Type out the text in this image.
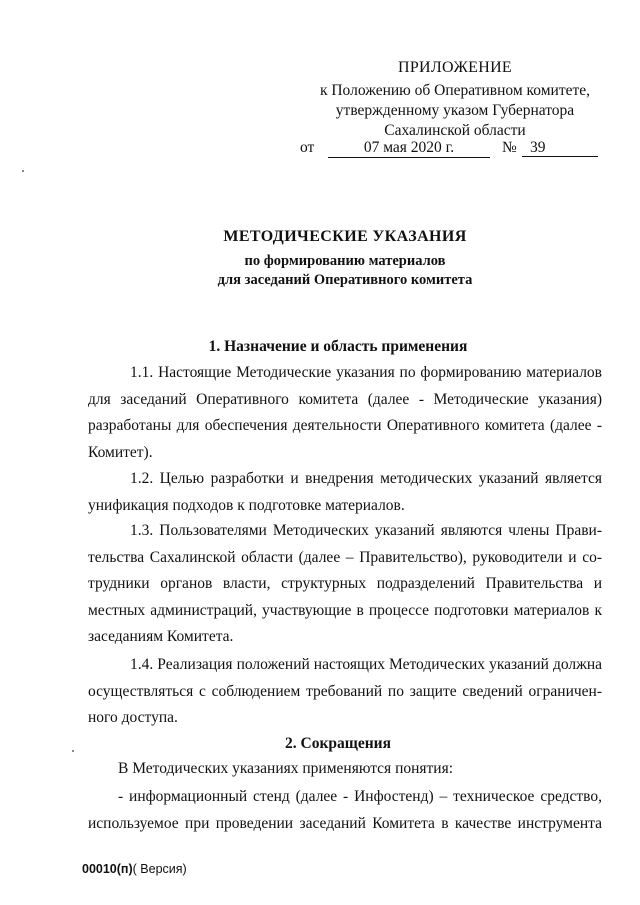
ПРИЛОЖЕНИЕ
к Положению об Оперативном комитете,
утвержденному указом Губернатора
Сахалинской области
от	07 мая 2020 г.	№ 39
МЕТОДИЧЕСКИЕ УКАЗАНИЯ
по формированию материалов
для заседаний Оперативного комитета
1. Назначение и область применения
1.1. Настоящие Методические указания по формированию материалов
для заседаний Оперативного комитета (далее - Методические указания)
разработаны для обеспечения деятельности Оперативного комитета (далее -
Комитет).
1.2. Целью разработки и внедрения методических указаний является
унификация подходов к подготовке материалов.
1.3. Пользователями Методических указаний являются члены Прави-
тельства Сахалинской области (далее – Правительство), руководители и со-
трудники органов власти, структурных подразделений Правительства и
местных администраций, участвующие в процессе подготовки материалов к
заседаниям Комитета.
1.4. Реализация положений настоящих Методических указаний должна
осуществляться с соблюдением требований по защите сведений ограничен-
ного доступа.
2. Сокращения
В Методических указаниях применяются понятия:
- информационный стенд (далее - Инфостенд) – техническое средство,
используемое при проведении заседаний Комитета в качестве инструмента
00010(п)( Версия)
